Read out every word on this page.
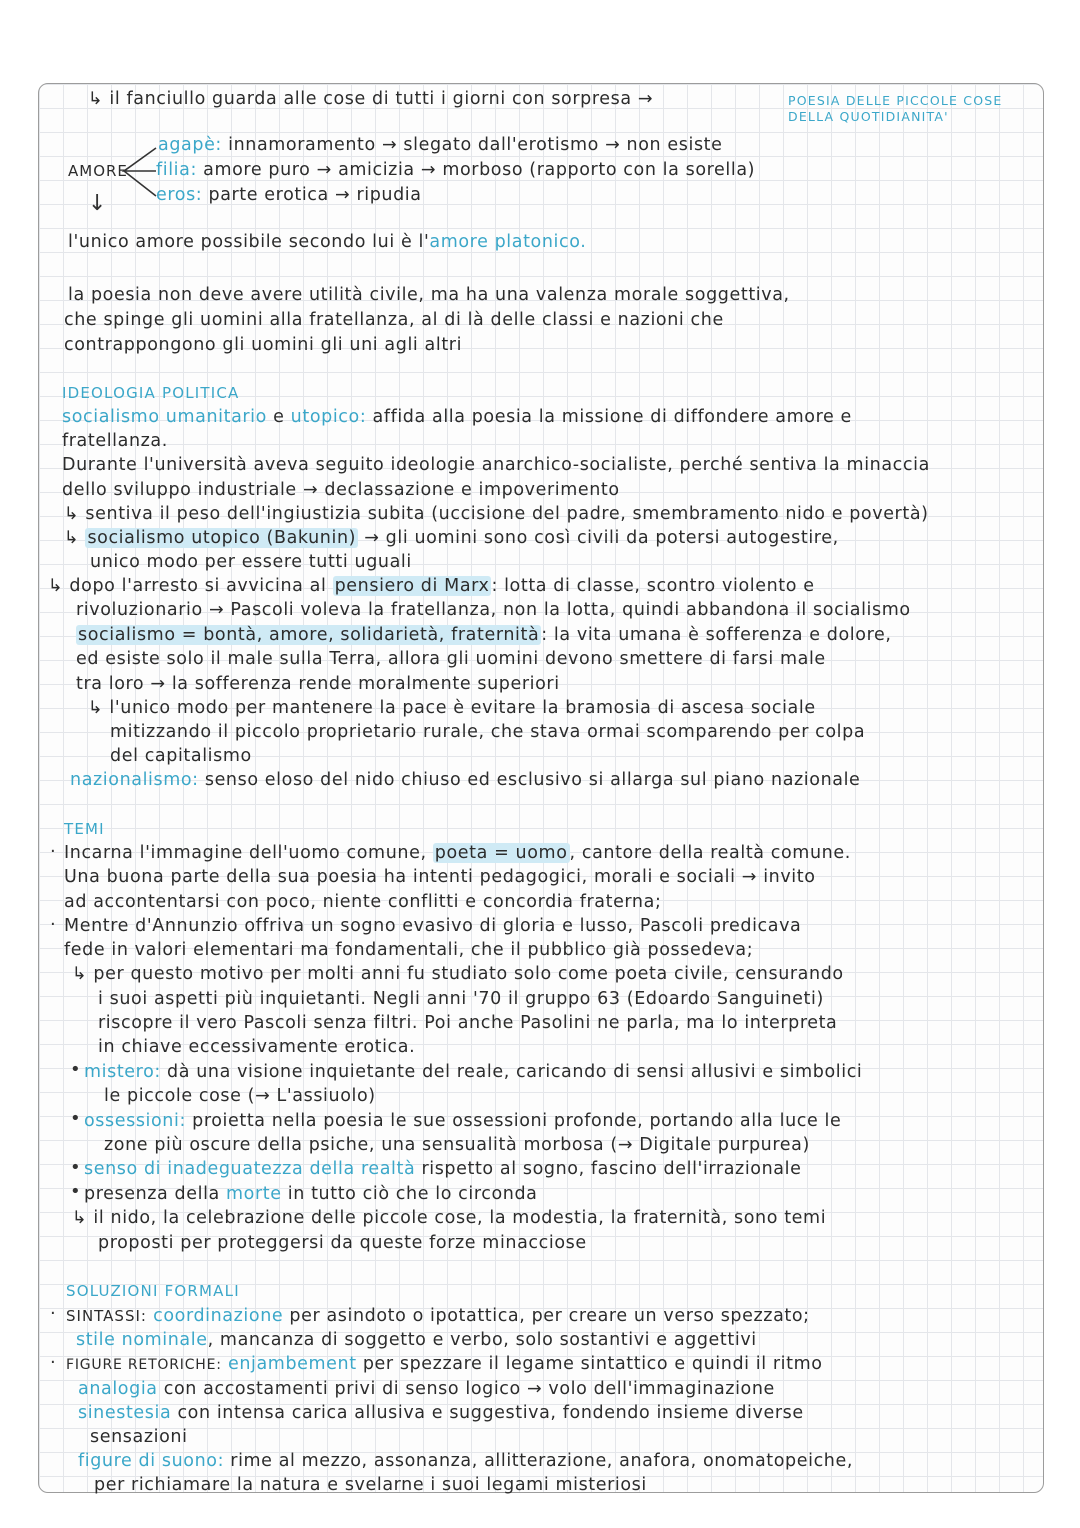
↳ il fanciullo guarda alle cose di tutti i giorni con sorpresa →	POESIA DELLE PICCOLE COSE
DELLA QUOTIDIANITA'
AMORE
agapè: innamoramento → slegato dall'erotismo → non esiste
filia: amore puro → amicizia → morboso (rapporto con la sorella)
eros: parte erotica → ripudia
↓
l'unico amore possibile secondo lui è l'amore platonico.
la poesia non deve avere utilità civile, ma ha una valenza morale soggettiva,
che spinge gli uomini alla fratellanza, al di là delle classi e nazioni che
contrappongono gli uomini gli uni agli altri
IDEOLOGIA POLITICA
socialismo umanitario e utopico: affida alla poesia la missione di diffondere amore e
fratellanza.
Durante l'università aveva seguito ideologie anarchico-socialiste, perché sentiva la minaccia
dello sviluppo industriale → declassazione e impoverimento
↳ sentiva il peso dell'ingiustizia subita (uccisione del padre, smembramento nido e povertà)
↳ socialismo utopico (Bakunin) → gli uomini sono così civili da potersi autogestire,
unico modo per essere tutti uguali
↳ dopo l'arresto si avvicina al pensiero di Marx : lotta di classe, scontro violento e
rivoluzionario → Pascoli voleva la fratellanza, non la lotta, quindi abbandona il socialismo
socialismo = bontà, amore, solidarietà, fraternità : la vita umana è sofferenza e dolore,
ed esiste solo il male sulla Terra, allora gli uomini devono smettere di farsi male
tra loro → la sofferenza rende moralmente superiori
↳ l'unico modo per mantenere la pace è evitare la bramosia di ascesa sociale
mitizzando il piccolo proprietario rurale, che stava ormai scomparendo per colpa
del capitalismo
nazionalismo: senso eloso del nido chiuso ed esclusivo si allarga sul piano nazionale
TEMI
· Incarna l'immagine dell'uomo comune, poeta = uomo , cantore della realtà comune.
Una buona parte della sua poesia ha intenti pedagogici, morali e sociali → invito
ad accontentarsi con poco, niente conflitti e concordia fraterna;
· Mentre d'Annunzio offriva un sogno evasivo di gloria e lusso, Pascoli predicava
fede in valori elementari ma fondamentali, che il pubblico già possedeva;
↳ per questo motivo per molti anni fu studiato solo come poeta civile, censurando
i suoi aspetti più inquietanti. Negli anni '70 il gruppo 63 (Edoardo Sanguineti)
riscopre il vero Pascoli senza filtri. Poi anche Pasolini ne parla, ma lo interpreta
in chiave eccessivamente erotica.
• mistero: dà una visione inquietante del reale, caricando di sensi allusivi e simbolici
le piccole cose (→ L'assiuolo)
• ossessioni: proietta nella poesia le sue ossessioni profonde, portando alla luce le
zone più oscure della psiche, una sensualità morbosa (→ Digitale purpurea)
• senso di inadeguatezza della realtà rispetto al sogno, fascino dell'irrazionale
• presenza della morte in tutto ciò che lo circonda
↳ il nido, la celebrazione delle piccole cose, la modestia, la fraternità, sono temi
proposti per proteggersi da queste forze minacciose
SOLUZIONI FORMALI
· SINTASSI: coordinazione per asindoto o ipotattica, per creare un verso spezzato;
stile nominale, mancanza di soggetto e verbo, solo sostantivi e aggettivi
· FIGURE RETORICHE: enjambement per spezzare il legame sintattico e quindi il ritmo
analogia con accostamenti privi di senso logico → volo dell'immaginazione
sinestesia con intensa carica allusiva e suggestiva, fondendo insieme diverse
sensazioni
figure di suono: rime al mezzo, assonanza, allitterazione, anafora, onomatopeiche,
per richiamare la natura e svelarne i suoi legami misteriosi
